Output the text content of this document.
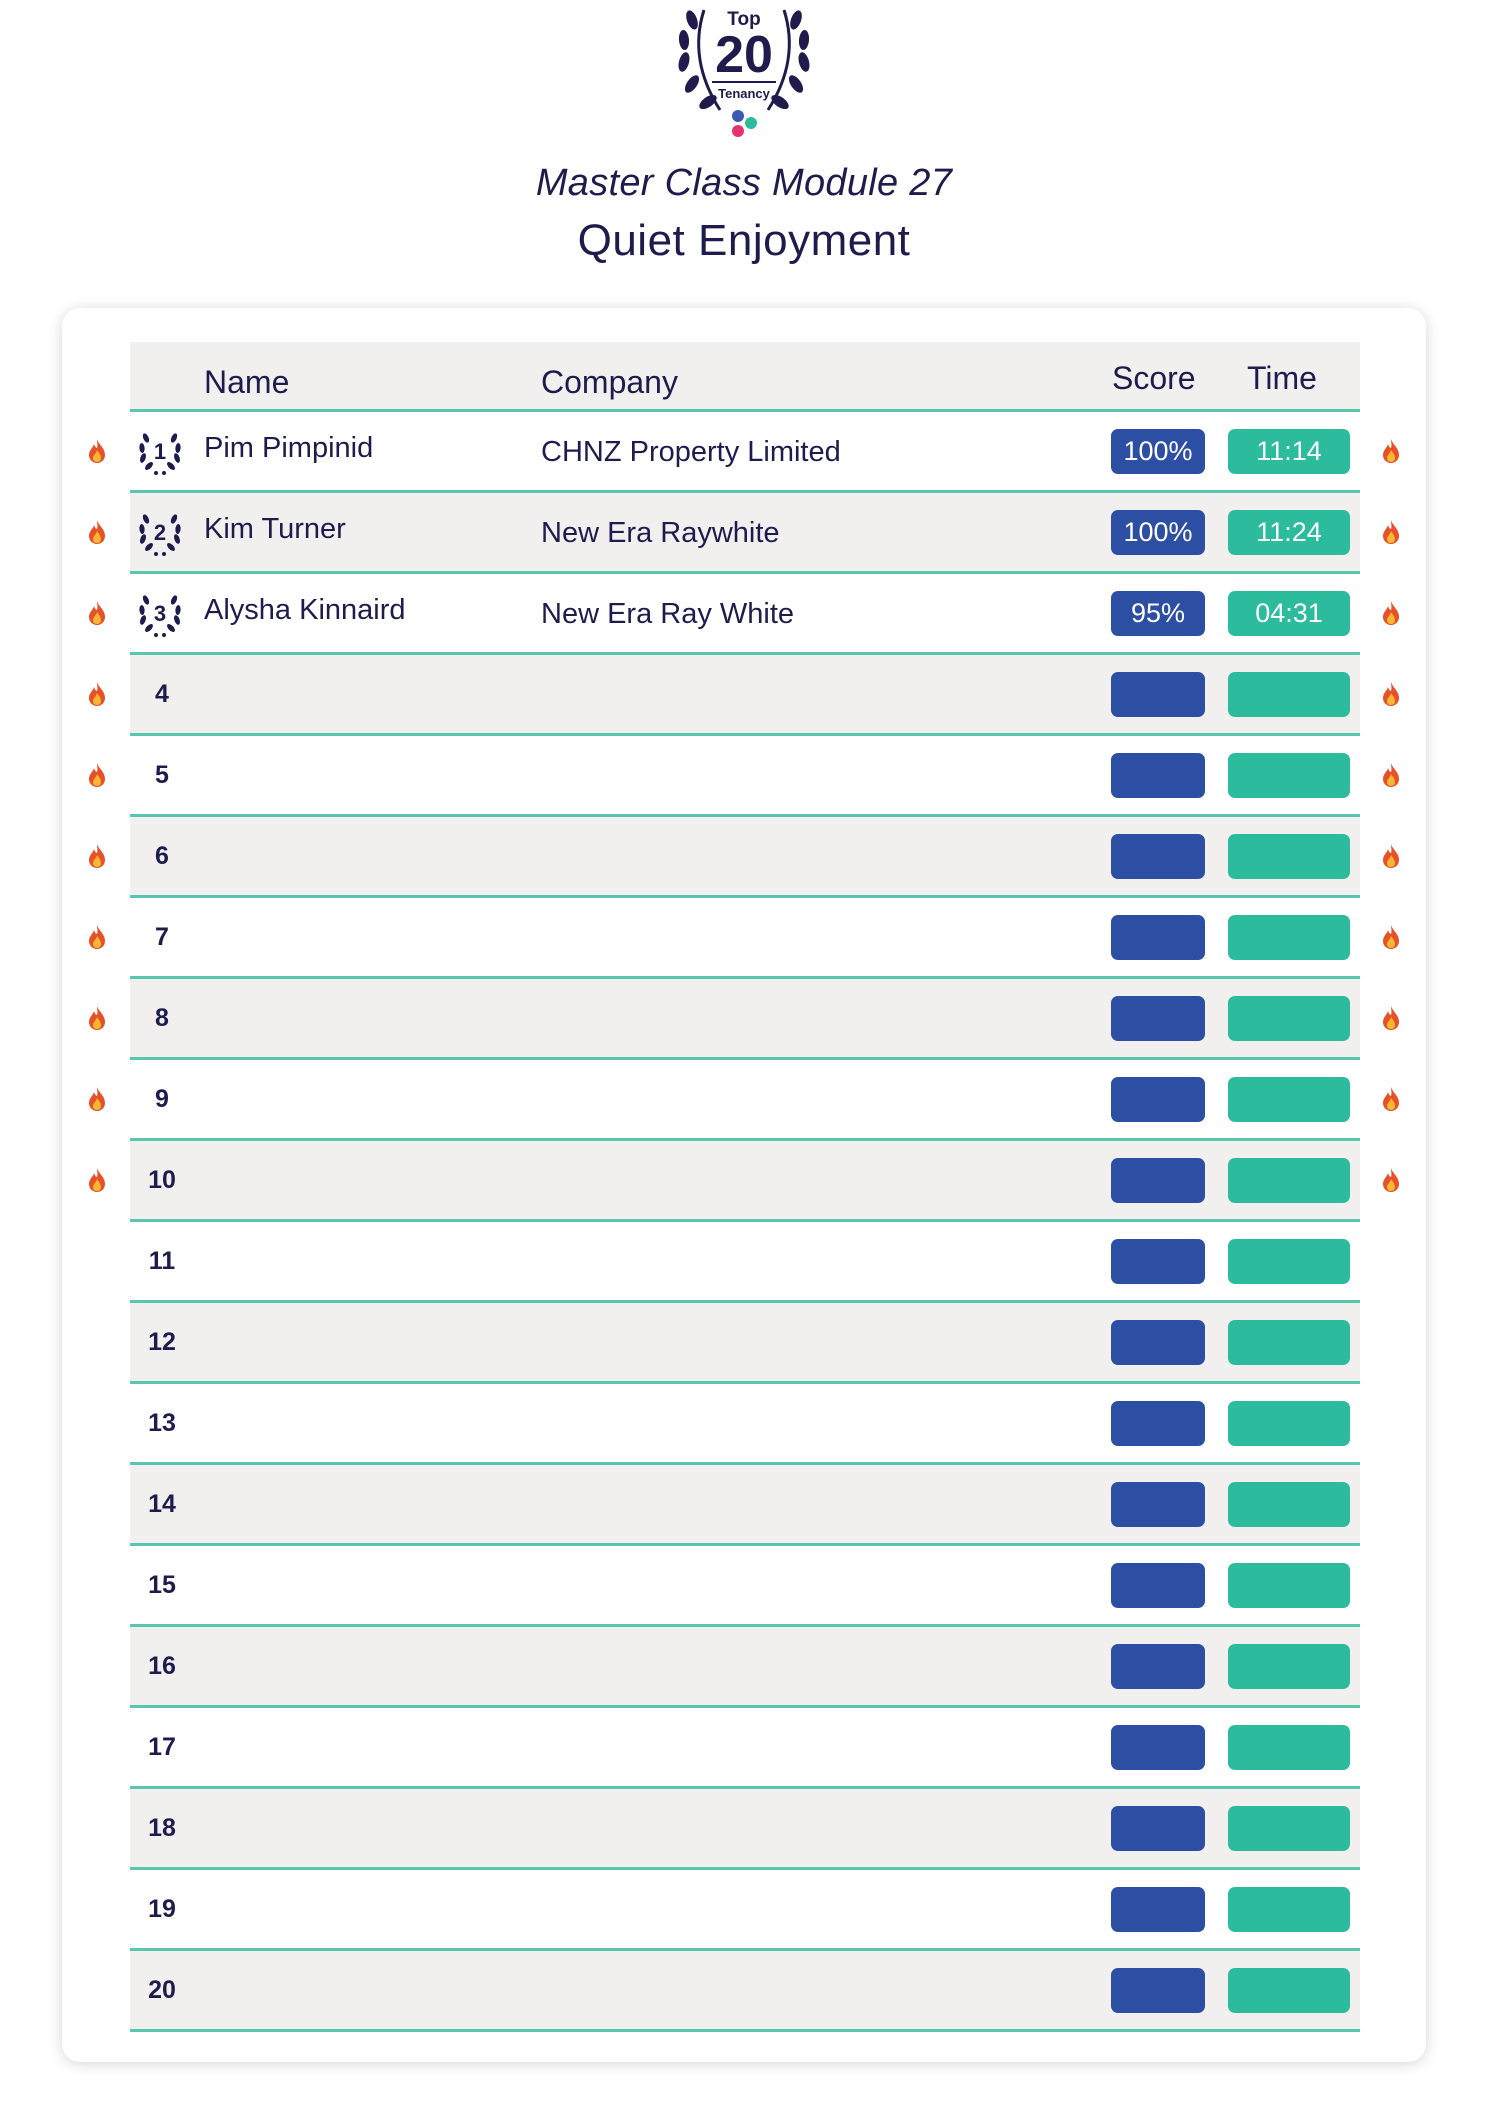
Top
20
Tenancy
Master Class Module 27
Quiet Enjoyment
Name	Company	Score Time
1 Pim Pimpinid	CHNZ Property Limited	100%	11:14
2 Kim Turner	New Era Raywhite	100%	11:24
3 Alysha Kinnaird	New Era Ray White	95%	04:31
4
5
6
7
8
9
10
11
12
13
14
15
16
17
18
19
20
